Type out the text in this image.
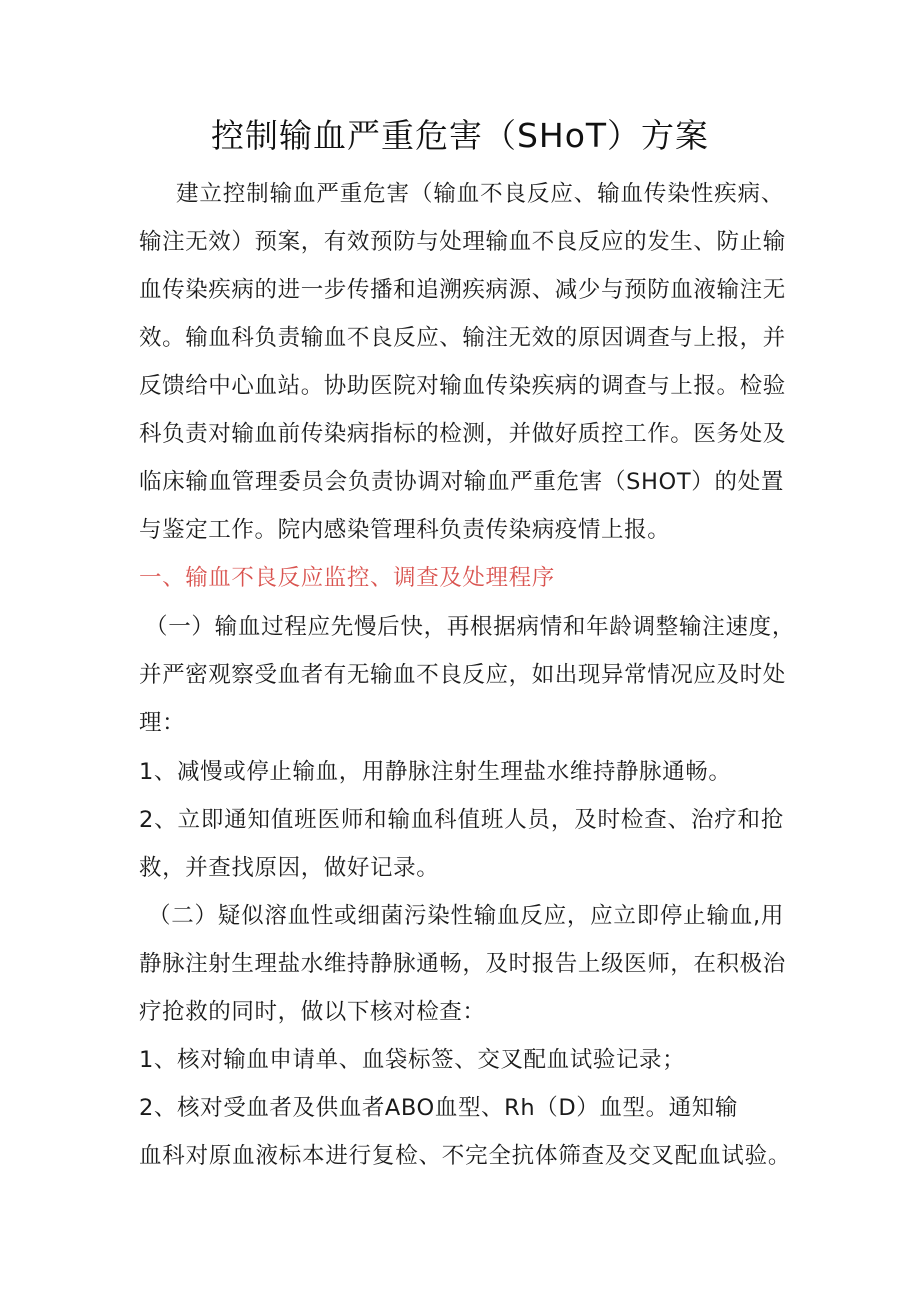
控制输血严重危害（SHoT）方案
建立控制输血严重危害（输血不良反应、输血传染性疾病、
输注无效）预案，有效预防与处理输血不良反应的发生、防止输
血传染疾病的进一步传播和追溯疾病源、减少与预防血液输注无
效。输血科负责输血不良反应、输注无效的原因调查与上报，并
反馈给中心血站。协助医院对输血传染疾病的调查与上报。检验
科负责对输血前传染病指标的检测，并做好质控工作。医务处及
临床输血管理委员会负责协调对输血严重危害（SHOT）的处置
与鉴定工作。院内感染管理科负责传染病疫情上报。
一、输血不良反应监控、调查及处理程序
（一）输血过程应先慢后快，再根据病情和年龄调整输注速度，
并严密观察受血者有无输血不良反应，如出现异常情况应及时处
理：
1、减慢或停止输血，用静脉注射生理盐水维持静脉通畅。
2、立即通知值班医师和输血科值班人员，及时检查、治疗和抢
救，并查找原因，做好记录。
（二）疑似溶血性或细菌污染性输血反应，应立即停止输血,用
静脉注射生理盐水维持静脉通畅，及时报告上级医师，在积极治
疗抢救的同时，做以下核对检查：
1、核对输血申请单、血袋标签、交叉配血试验记录；
2、核对受血者及供血者ABO血型、Rh（D）血型。通知输
血科对原血液标本进行复检、不完全抗体筛查及交叉配血试验。
